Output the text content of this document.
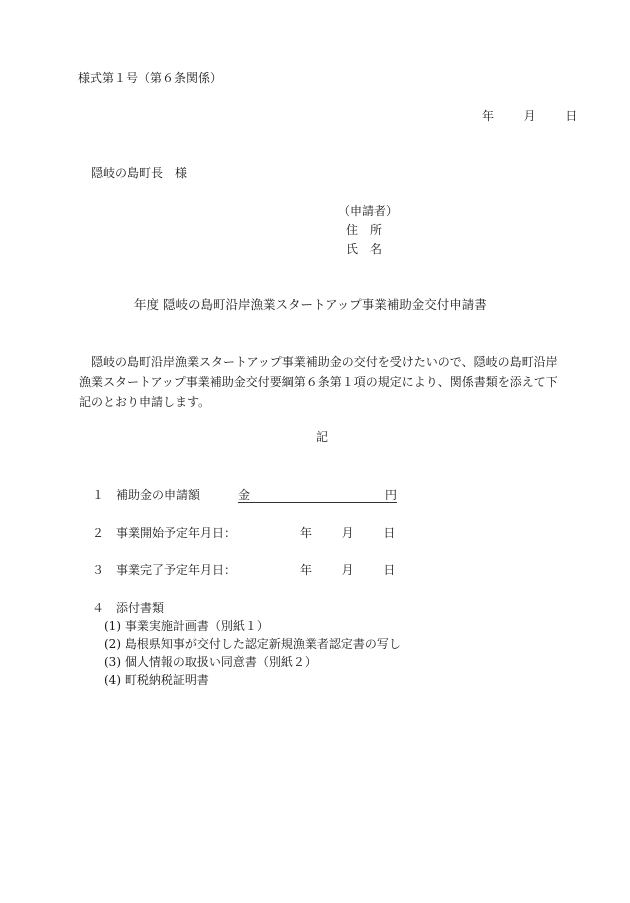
様式第１号（第６条関係）
年 月 日
隠岐の島町長　様
（申請者）
住　所
氏　名
年度 隠岐の島町沿岸漁業スタートアップ事業補助金交付申請書
　隠岐の島町沿岸漁業スタートアップ事業補助金の交付を受けたいので、隠岐の島町沿岸
漁業スタートアップ事業補助金交付要綱第６条第１項の規定により、関係書類を添えて下
記のとおり申請します。
記
１ 補助金の申請額	金	円
２ 事業開始予定年月日：	年 月 日
３ 事業完了予定年月日：	年 月 日
４ 添付書類
(1) 事業実施計画書（別紙１）
(2) 島根県知事が交付した認定新規漁業者認定書の写し
(3) 個人情報の取扱い同意書（別紙２）
(4) 町税納税証明書
